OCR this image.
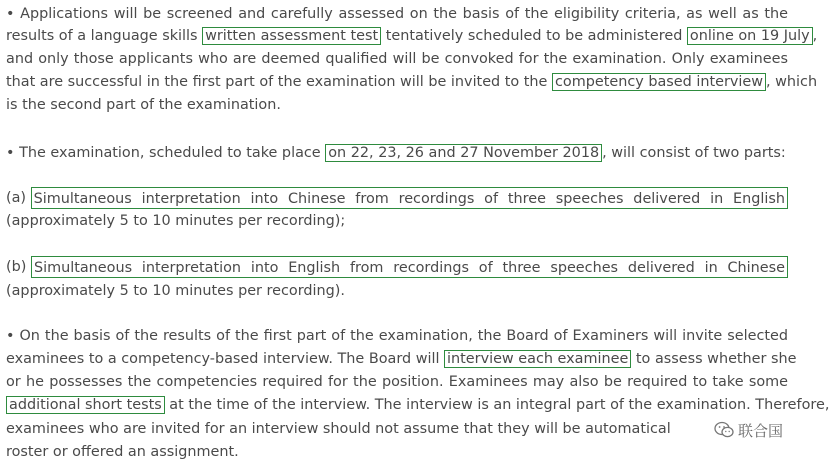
• Applications will be screened and carefully assessed on the basis of the eligibility criteria, as well as the
results of a language skills written assessment test tentatively scheduled to be administered online on 19 July ,
and only those applicants who are deemed qualified will be convoked for the examination. Only examinees
that are successful in the first part of the examination will be invited to the competency based interview , which
is the second part of the examination.
• The examination, scheduled to take place on 22, 23, 26 and 27 November 2018 , will consist of two parts:
(a) Simultaneous interpretation into Chinese from recordings of three speeches delivered in English
(approximately 5 to 10 minutes per recording);
(b) Simultaneous interpretation into English from recordings of three speeches delivered in Chinese
(approximately 5 to 10 minutes per recording).
• On the basis of the results of the first part of the examination, the Board of Examiners will invite selected
examinees to a competency-based interview. The Board will interview each examinee to assess whether she
or he possesses the competencies required for the position. Examinees may also be required to take some
additional short tests at the time of the interview. The interview is an integral part of the examination. Therefore,
examinees who are invited for an interview should not assume that they will be automatical
roster or offered an assignment.
联合国
